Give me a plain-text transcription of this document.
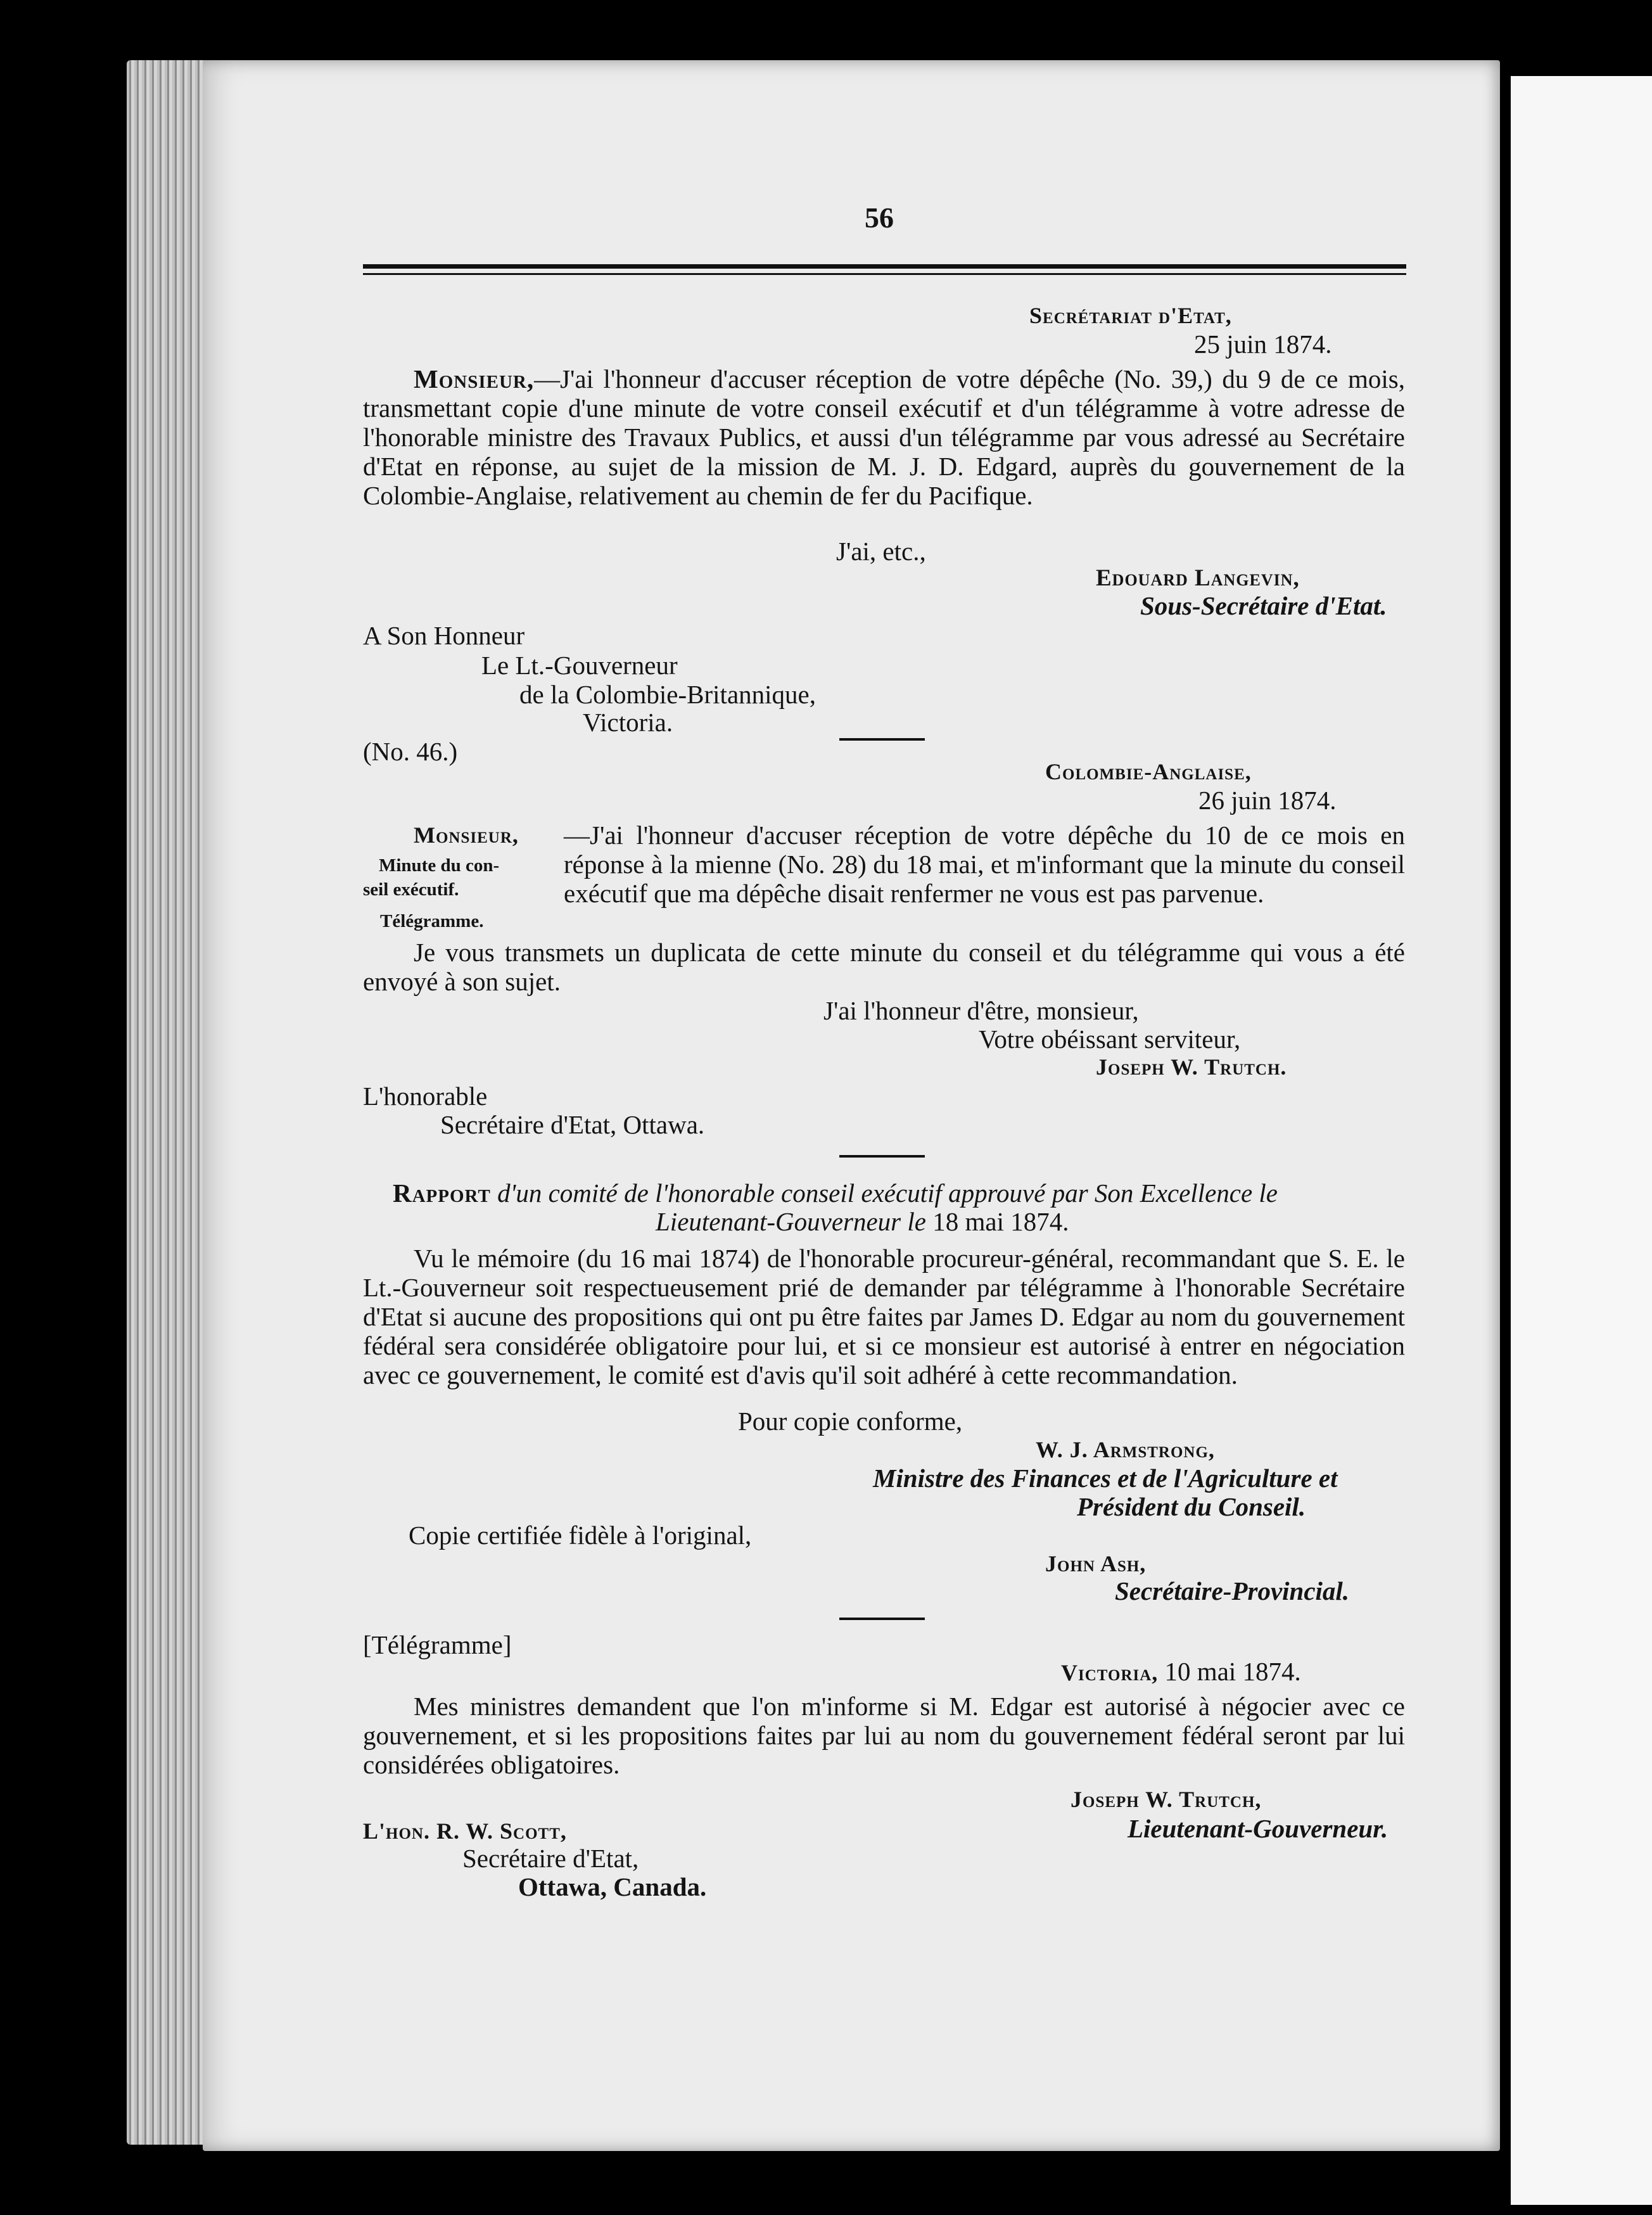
56
Secrétariat d'Etat,
25 juin 1874.
Monsieur,—J'ai l'honneur d'accuser réception de votre dépêche (No. 39,) du 9 de ce mois, transmettant copie d'une minute de votre conseil exécutif et d'un télégramme à votre adresse de l'honorable ministre des Travaux Publics, et aussi d'un télégramme par vous adressé au Secrétaire d'Etat en réponse, au sujet de la mission de M. J. D. Edgard, auprès du gouvernement de la Colombie-Anglaise, relativement au chemin de fer du Pacifique.
J'ai, etc.,
Edouard Langevin,
Sous-Secrétaire d'Etat.
A Son Honneur
Le Lt.-Gouverneur
de la Colombie-Britannique,
Victoria.
(No. 46.)
Colombie-Anglaise,
26 juin 1874.
Monsieur, —J'ai l'honneur d'accuser réception de votre dépêche du 10 de ce mois en réponse à la mienne (No. 28) du 18 mai, et m'informant que la minute du conseil exécutif que ma dépêche disait renfermer ne vous est pas parvenue.
Je vous transmets un duplicata de cette minute du conseil et du télégramme qui vous a été envoyé à son sujet.
Minute du con-
seil exécutif.
Télégramme.
J'ai l'honneur d'être, monsieur,
Votre obéissant serviteur,
Joseph W. Trutch.
L'honorable
Secrétaire d'Etat, Ottawa.
Rapport d'un comité de l'honorable conseil exécutif approuvé par Son Excellence le
Lieutenant-Gouverneur le 18 mai 1874.
Vu le mémoire (du 16 mai 1874) de l'honorable procureur-général, recommandant que S. E. le Lt.-Gouverneur soit respectueusement prié de demander par télégramme à l'honorable Secrétaire d'Etat si aucune des propositions qui ont pu être faites par James D. Edgar au nom du gouvernement fédéral sera considérée obligatoire pour lui, et si ce monsieur est autorisé à entrer en négociation avec ce gouvernement, le comité est d'avis qu'il soit adhéré à cette recommandation.
Pour copie conforme,
W. J. Armstrong,
Ministre des Finances et de l'Agriculture et
Président du Conseil.
Copie certifiée fidèle à l'original,
John Ash,
Secrétaire-Provincial.
[Télégramme]
Victoria, 10 mai 1874.
Mes ministres demandent que l'on m'informe si M. Edgar est autorisé à négocier avec ce gouvernement, et si les propositions faites par lui au nom du gouvernement fédéral seront par lui considérées obligatoires.
Joseph W. Trutch,
Lieutenant-Gouverneur.
L'hon. R. W. Scott,
Secrétaire d'Etat,
Ottawa, Canada.
